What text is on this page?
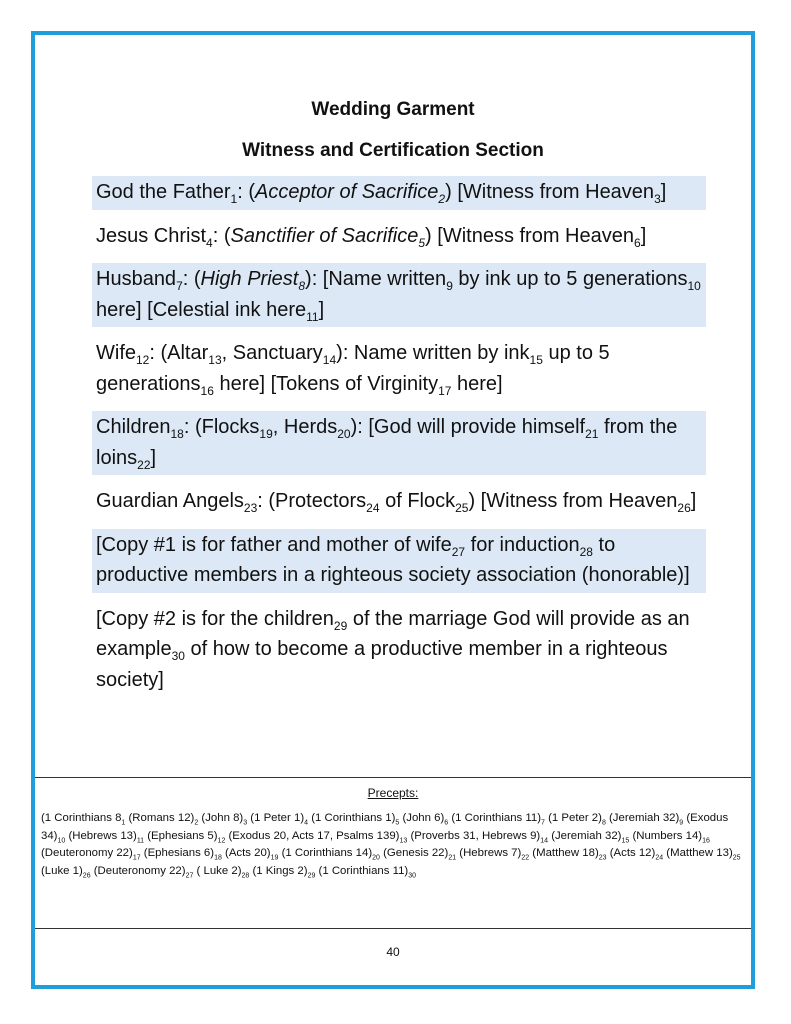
Wedding Garment
Witness and Certification Section
God the Father$_1$: (Acceptor of Sacrifice$_2$) [Witness from Heaven$_3$]
Jesus Christ$_4$: (Sanctifier of Sacrifice$_5$) [Witness from Heaven$_6$]
Husband$_7$: (High Priest$_8$): [Name written$_9$ by ink up to 5 generations$_{10}$ here] [Celestial ink here$_{11}$]
Wife$_{12}$: (Altar$_{13}$, Sanctuary$_{14}$): Name written by ink$_{15}$ up to 5 generations$_{16}$ here] [Tokens of Virginity$_{17}$ here]
Children$_{18}$: (Flocks$_{19}$, Herds$_{20}$): [God will provide himself$_{21}$ from the loins$_{22}$]
Guardian Angels$_{23}$: (Protectors$_{24}$ of Flock$_{25}$) [Witness from Heaven$_{26}$]
[Copy #1 is for father and mother of wife$_{27}$ for induction$_{28}$ to productive members in a righteous society association (honorable)]
[Copy #2 is for the children$_{29}$ of the marriage God will provide as an example$_{30}$ of how to become a productive member in a righteous society]
Precepts:
(1 Corinthians $8_1$ (Romans $12)_2$ (John $8)_3$ (1 Peter $1)_4$ (1 Corinthians $1)_5$ (John $6)_6$ (1 Corinthians $11)_7$ (1 Peter $2)_8$ (Jeremiah $32)_9$ (Exodus $34)_{10}$ (Hebrews $13)_{11}$ (Ephesians $5)_{12}$ (Exodus 20, Acts 17, Psalms $139)_{13}$ (Proverbs 31, Hebrews $9)_{14}$ (Jeremiah $32)_{15}$ (Numbers $14)_{16}$ (Deuteronomy $22)_{17}$ (Ephesians $6)_{18}$ (Acts $20)_{19}$ (1 Corinthians $14)_{20}$ (Genesis $22)_{21}$ (Hebrews $7)_{22}$ (Matthew $18)_{23}$ (Acts $12)_{24}$ (Matthew $13)_{25}$ (Luke $1)_{26}$ (Deuteronomy $22)_{27}$ ( Luke $2)_{28}$ (1 Kings $2)_{29}$ (1 Corinthians $11)_{30}$
40
